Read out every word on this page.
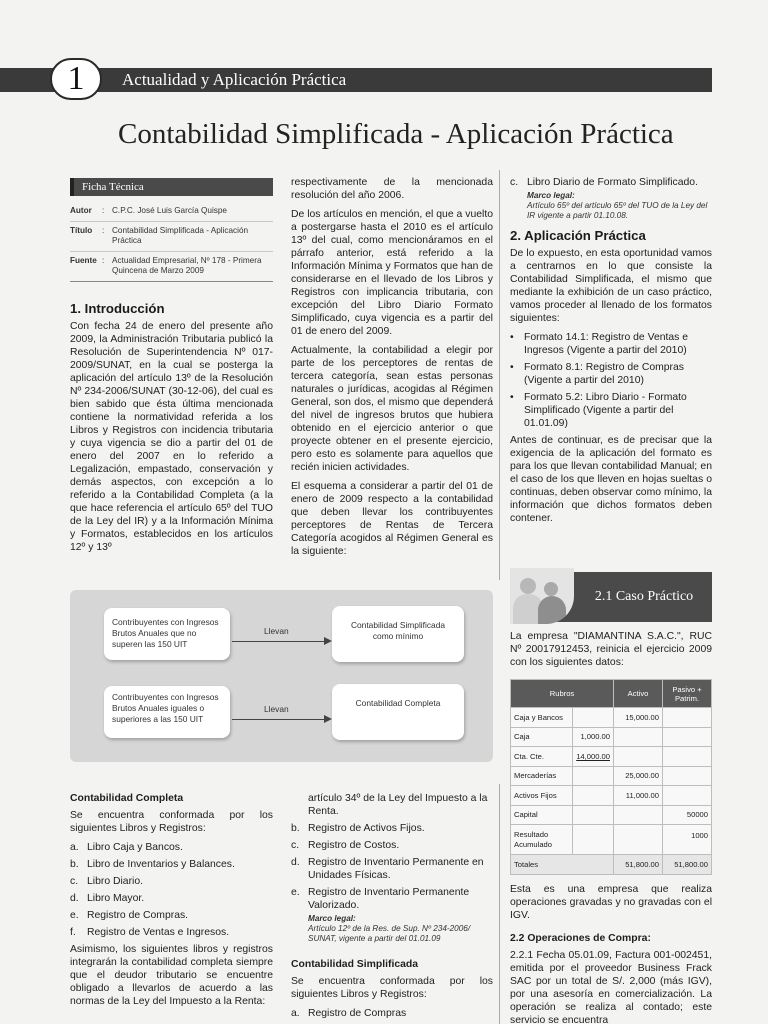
1	Actualidad y Aplicación Práctica
Contabilidad Simplificada - Aplicación Práctica
Ficha Técnica
Autor	: C.P.C. José Luis García Quispe
Título	: Contabilidad Simplificada - Aplicación Práctica
Fuente : Actualidad Empresarial, Nº 178 - Primera Quincena de Marzo 2009
1. Introducción

Con fecha 24 de enero del presente año 2009, la Administración Tributaria publicó la Resolución de Superintendencia Nº 017-2009/SUNAT, en la cual se posterga la aplicación del artículo 13º de la Resolución Nº 234-2006/SUNAT (30-12-06), del cual es bien sabido que ésta última mencionada contiene la normatividad referida a los Libros y Registros con incidencia tributaria y cuya vigencia se dio a partir del 01 de enero del 2007 en lo referido a Legalización, empastado, conservación y demás aspectos, con excepción a lo referido a la Contabilidad Completa (a la que hace referencia el artículo 65º del TUO de la Ley del IR) y a la Información Mínima y Formatos, establecidos en los artículos 12º y 13º

respectivamente de la mencionada resolución del año 2006.

De los artículos en mención, el que a vuelto a postergarse hasta el 2010 es el artículo 13º del cual, como mencionáramos en el párrafo anterior, está referido a la Información Mínima y Formatos que han de considerarse en el llevado de los Libros y Registros con implicancia tributaria, con excepción del Libro Diario Formato Simplificado, cuya vigencia es a partir del 01 de enero del 2009.

Actualmente, la contabilidad a elegir por parte de los perceptores de rentas de tercera categoría, sean estas personas naturales o jurídicas, acogidas al Régimen General, son dos, el mismo que dependerá del nivel de ingresos brutos que hubiera obtenido en el ejercicio anterior o que proyecte obtener en el presente ejercicio, pero esto es solamente para aquellos que recién inicien actividades.

El esquema a considerar a partir del 01 de enero de 2009 respecto a la contabilidad que deben llevar los contribuyentes perceptores de Rentas de Tercera Categoría acogidos al Régimen General es la siguiente:

c. Libro Diario de Formato Simplificado.
Marco legal:
Artículo 65º del artículo 65º del TUO de la Ley del IR vigente a partir 01.10.08.
2. Aplicación Práctica

De lo expuesto, en esta oportunidad vamos a centrarnos en lo que consiste la Contabilidad Simplificada, el mismo que mediante la exhibición de un caso práctico, vamos proceder al llenado de los formatos siguientes:

• Formato 14.1: Registro de Ventas e Ingresos (Vigente a partir del 2010)
• Formato 8.1: Registro de Compras (Vigente a partir del 2010)
• Formato 5.2: Libro Diario - Formato Simplificado (Vigente a partir del 01.01.09)

Antes de continuar, es de precisar que la exigencia de la aplicación del formato es para los que llevan contabilidad Manual; en el caso de los que lleven en hojas sueltas o continuas, deben observar como mínimo, la información que dichos formatos deben contener.

Contribuyentes con Ingresos Brutos Anuales que no superen las 150 UIT
Llevan
Contabilidad Simplificada como mínimo
Contribuyentes con Ingresos Brutos Anuales iguales o superiores a las 150 UIT
Llevan
Contabilidad Completa
2.1 Caso Práctico

La empresa "DIAMANTINA S.A.C.", RUC Nº 20017912453, reinicia el ejercicio 2009 con los siguientes datos:

Rubros		Activo	Pasivo + Patrim.
Caja y Bancos		15,000.00	
Caja	1,000.00		
Cta. Cte.	14,000.00		
Mercaderías		25,000.00	
Activos Fijos		11,000.00	
Capital			50000
Resultado Acumulado			1000
Totales		51,800.00	51,800.00

Esta es una empresa que realiza operaciones gravadas y no gravadas con el IGV.

2.2 Operaciones de Compra:

2.2.1 Fecha 05.01.09, Factura 001-002451, emitida por el proveedor Business Frack SAC por un total de S/. 2,000 (más IGV), por una asesoría en comercialización. La operación se realiza al contado; este servicio se encuentra

Contabilidad Completa

Se encuentra conformada por los siguientes Libros y Registros:

a. Libro Caja y Bancos.
b. Libro de Inventarios y Balances.
c. Libro Diario.
d. Libro Mayor.
e. Registro de Compras.
f.	Registro de Ventas e Ingresos.

Asimismo, los siguientes libros y registros integrarán la contabilidad completa siempre que el deudor tributario se encuentre obligado a llevarlos de acuerdo a las normas de la Ley del Impuesto a la Renta:

artículo 34º de la Ley del Impuesto a la Renta.

b. Registro de Activos Fijos.
c. Registro de Costos.
d. Registro de Inventario Permanente en Unidades Físicas.
e. Registro de Inventario Permanente Valorizado.
Marco legal:
Artículo 12º de la Res. de Sup. Nº 234-2006/ SUNAT, vigente a partir del 01.01.09
Contabilidad Simplificada

Se encuentra conformada por los siguientes Libros y Registros:

a. Registro de Compras
